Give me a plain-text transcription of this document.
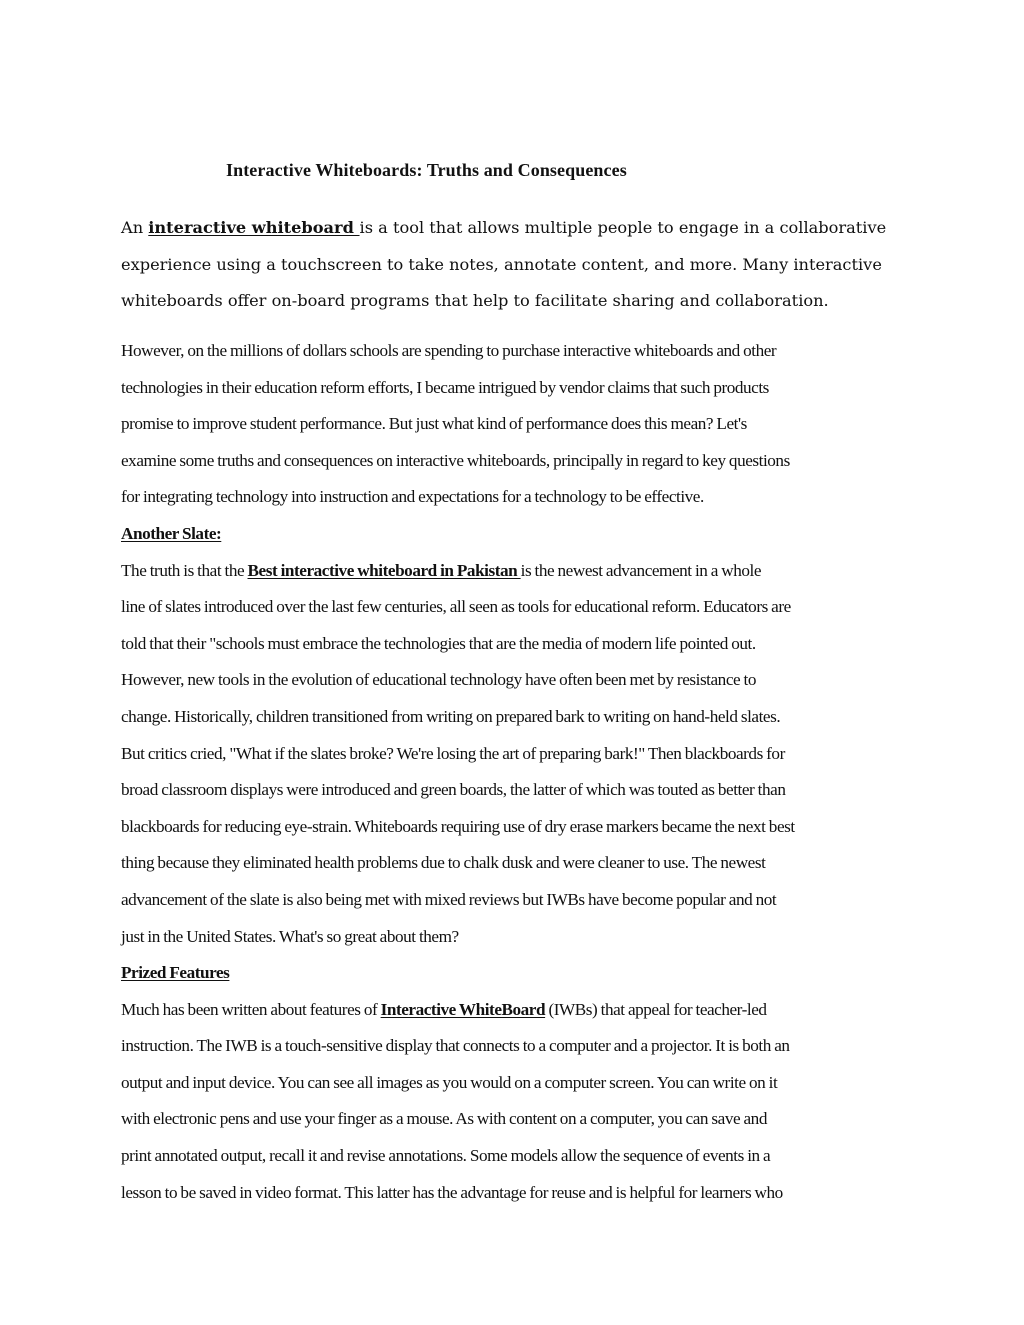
Interactive Whiteboards: Truths and Consequences
An interactive whiteboard is a tool that allows multiple people to engage in a collaborative
experience using a touchscreen to take notes, annotate content, and more. Many interactive
whiteboards offer on-board programs that help to facilitate sharing and collaboration.
However, on the millions of dollars schools are spending to purchase interactive whiteboards and other
technologies in their education reform efforts, I became intrigued by vendor claims that such products
promise to improve student performance. But just what kind of performance does this mean? Let's
examine some truths and consequences on interactive whiteboards, principally in regard to key questions
for integrating technology into instruction and expectations for a technology to be effective.
Another Slate:
The truth is that the Best interactive whiteboard in Pakistan is the newest advancement in a whole
line of slates introduced over the last few centuries, all seen as tools for educational reform. Educators are
told that their "schools must embrace the technologies that are the media of modern life pointed out.
However, new tools in the evolution of educational technology have often been met by resistance to
change. Historically, children transitioned from writing on prepared bark to writing on hand-held slates.
But critics cried, "What if the slates broke? We're losing the art of preparing bark!" Then blackboards for
broad classroom displays were introduced and green boards, the latter of which was touted as better than
blackboards for reducing eye-strain. Whiteboards requiring use of dry erase markers became the next best
thing because they eliminated health problems due to chalk dusk and were cleaner to use. The newest
advancement of the slate is also being met with mixed reviews but IWBs have become popular and not
just in the United States. What's so great about them?
Prized Features
Much has been written about features of Interactive WhiteBoard (IWBs) that appeal for teacher-led
instruction. The IWB is a touch-sensitive display that connects to a computer and a projector. It is both an
output and input device. You can see all images as you would on a computer screen. You can write on it
with electronic pens and use your finger as a mouse. As with content on a computer, you can save and
print annotated output, recall it and revise annotations. Some models allow the sequence of events in a
lesson to be saved in video format. This latter has the advantage for reuse and is helpful for learners who
